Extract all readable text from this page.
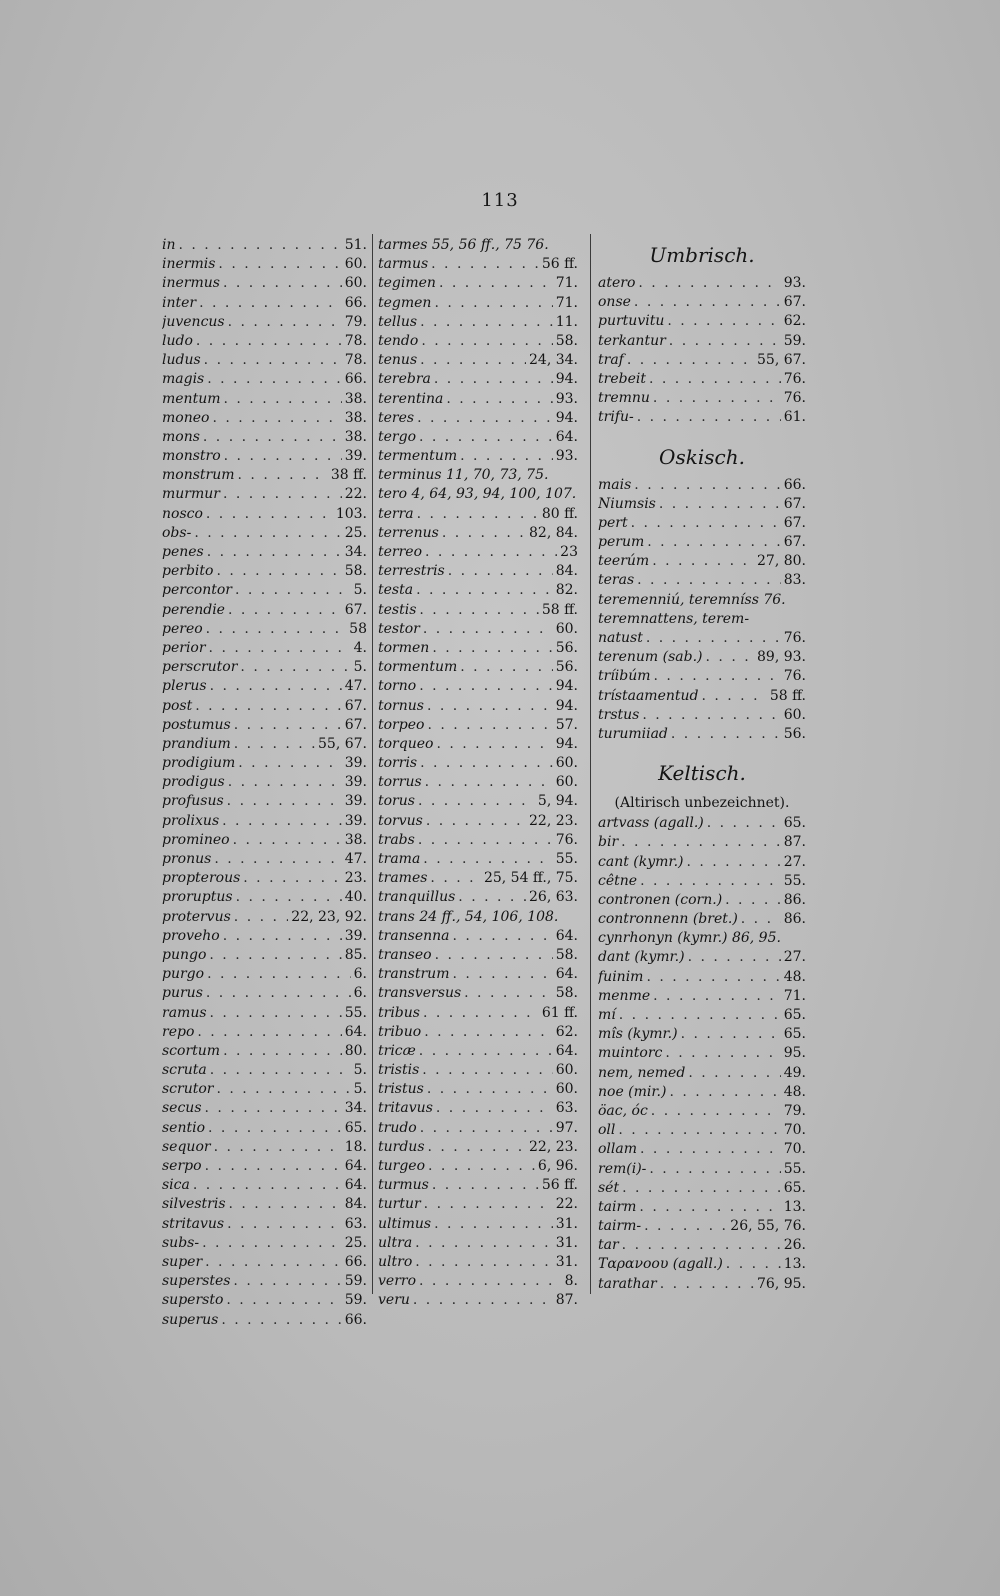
113
in . . .	51.
inermis . . .	60.
inermus . . .	60.
inter . . .	66.
juvencus . . .	79.
ludo . . .	78.
ludus . . .	78.
magis . . .	66.
mentum . . .	38.
moneo . . .	38.
mons . . .	38.
monstro . . .	39.
monstrum . . .	38 ff.
murmur . . .	22.
nosco . . .	103.
obs- . . .	25.
penes . . .	34.
perbito . . .	58.
percontor . . .	5.
perendie . . .	67.
pereo . . .	58
perior . . .	4.
perscrutor . . .	5.
plerus . . .	47.
post . . .	67.
postumus . . .	67.
prandium . . .	55, 67.
prodigium . . .	39.
prodigus . . .	39.
profusus . . .	39.
prolixus . . .	39.
promineo . . .	38.
pronus . . .	47.
propterous . . .	23.
proruptus . . .	40.
protervus . . .	22, 23, 92.
proveho . . .	39.
pungo . . .	85.
purgo . . .	6.
purus . . .	6.
ramus . . .	55.
repo . . .	64.
scortum . . .	80.
scruta . . .	5.
scrutor . . .	5.
secus . . .	34.
sentio . . .	65.
sequor . . .	18.
serpo . . .	64.
sica . . .	64.
silvestris . . .	84.
stritavus . . .	63.
subs- . . .	25.
super . . .	66.
superstes . . .	59.
supersto . . .	59.
superus . . .	66.
tarmes 55, 56 ff., 75 76.
tarmus . . .	56 ff.
tegimen . . .	71.
tegmen . . .	71.
tellus . . .	11.
tendo . . .	58.
tenus . . .	24, 34.
terebra . . .	94.
terentina . . .	93.
teres . . .	94.
tergo . . .	64.
termentum . . .	93.
terminus 11, 70, 73, 75.
tero 4, 64, 93, 94, 100, 107.
terra . . .	80 ff.
terrenus . . .	82, 84.
terreo . . .	23
terrestris . . .	84.
testa . . .	82.
testis . . .	58 ff.
testor . . .	60.
tormen . . .	56.
tormentum . . .	56.
torno . . .	94.
tornus . . .	94.
torpeo . . .	57.
torqueo . . .	94.
torris . . .	60.
torrus . . .	60.
torus . . .	5, 94.
torvus . . .	22, 23.
trabs . . .	76.
trama . . .	55.
trames . . .	25, 54 ff., 75.
tranquillus . . .	26, 63.
trans 24 ff., 54, 106, 108.
transenna . . .	64.
transeo . . .	58.
transtrum . . .	64.
transversus . . .	58.
tribus . . .	61 ff.
tribuo . . .	62.
tricæ . . .	64.
tristis . . .	60.
tristus . . .	60.
tritavus . . .	63.
trudo . . .	97.
turdus . . .	22, 23.
turgeo . . .	6, 96.
turmus . . .	56 ff.
turtur . . .	22.
ultimus . . .	31.
ultra . . .	31.
ultro . . .	31.
verro . . .	8.
veru . . .	87.
Umbrisch.
atero . . .	93.
onse . . .	67.
purtuvitu . . .	62.
terkantur . . .	59.
traf . . .	55, 67.
trebeit . . .	76.
tremnu . . .	76.
trifu- . . .	61.
Oskisch.
mais . . .	66.
Niumsis . . .	67.
pert . . .	67.
perum . . .	67.
teerúm . . .	27, 80.
teras . . .	83.
teremenniú, teremníss 76.
teremnattens, terem-
natust . . .	76.
terenum (sab.) . . .	89, 93.
tríibúm . . .	76.
trístaamentud . . .	58 ff.
trstus . . .	60.
turumiiad . . .	56.
Keltisch.
(Altirisch unbezeichnet).
artvass (agall.) . . .	65.
bir . . .	87.
cant (kymr.) . . .	27.
cêtne . . .	55.
contronen (corn.) . . .	86.
contronnenn (bret.) . . .	86.
cynrhonyn (kymr.) 86, 95.
dant (kymr.) . . .	27.
fuinim . . .	48.
menme . . .	71.
mí . . .	65.
mîs (kymr.) . . .	65.
muintorc . . .	95.
nem, nemed . . .	49.
noe (mir.) . . .	48.
öac, óc . . .	79.
oll . . .	70.
ollam . . .	70.
rem(i)- . . .	55.
sét . . .	65.
tairm . . .	13.
tairm- . . .	26, 55, 76.
tar . . .	26.
Ταρανοου (agall.) . . .	13.
tarathar . . .	76, 95.
